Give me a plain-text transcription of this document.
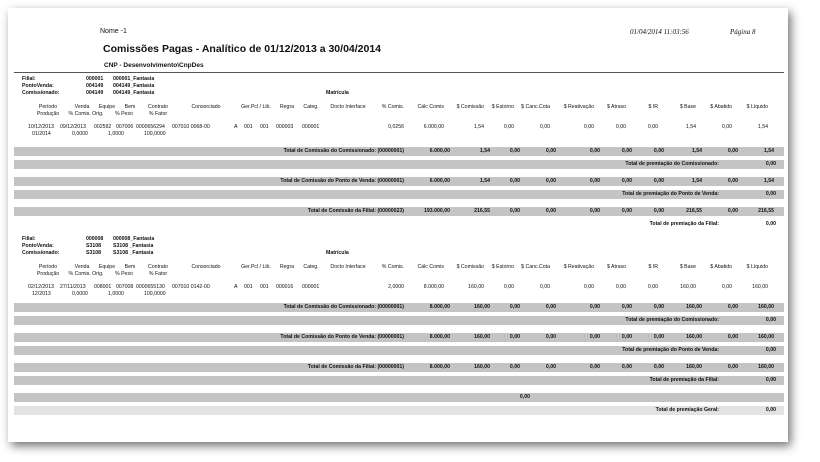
Nome -1	01/04/2014 11:03:56	Página 8
Comissões Pagas - Analítico de 01/12/2013 a 30/04/2014
CNP - Desenvolvimento\CnpDes
Filial:	000001 000001_Fantasia
PontoVenda:	004149 004149_Fantasia
Comissionado:	004149 004149_Fantasia	Matrícula
Período	Venda	Equipe	Bem	Contrato	Consorciado	Ger.Pcl / Lib.	Regra	Categ.	Docto Interface	% Comis.	Cálc Comis	$ Comissão	$ Estorno	$ Canc.Cota	$ Reativação	$ Atraso	$ IR	$ Base	$ Abatido	$ Líquido
Produção	% Comis. Orig.	% Peso	% Fator
10/12/2013	09/12/2013	002592 007006 0000656294	007010 0068-00	A	001	001	000003	000001	0,0256	6.000,00	1,54	0,00	0,00	0,00	0,00	0,00	1,54	0,00	1,54
01/2014	0,0000	1,0000	100,0000
Total de Comissão do Comissionado: (00000001)	6.000,00	1,54	0,00	0,00	0,00	0,00	0,00	1,54	0,00	1,54
Total de premiação do Comissionado:	0,00
Total de Comissão do Ponto de Venda: (00000001)	6.000,00	1,54	0,00	0,00	0,00	0,00	0,00	1,54	0,00	1,54
Total de premiação do Ponto de Venda:	0,00
Total de Comissão da Filial: (00000023)	193.000,00	216,55	0,00	0,00	0,00	0,00	0,00	216,55	0,00	216,55
Total de premiação da Filial:	0,00
Filial:	000008 000008_Fantasia
PontoVenda:	S3108 S3108 _Fantasia
Comissionado:	S3108 S3108 _Fantasia	Matrícula
Período	Venda	Equipe	Bem	Contrato	Consorciado	Ger.Pcl / Lib.	Regra	Categ.	Docto Interface	% Comis.	Cálc Comis	$ Comissão	$ Estorno	$ Canc.Cota	$ Reativação	$ Atraso	$ IR	$ Base	$ Abatido	$ Líquido
Produção	% Comis. Orig.	% Peso	% Fator
02/12/2013	27/11/2013	008001 007008 0000655130	007010 0142-00	A	001	001	000016	000001	2,0000	8.000,00	160,00	0,00	0,00	0,00	0,00	0,00	160,00	0,00	160,00
12/2013	0,0000	1,0000	100,0000
Total de Comissão do Comissionado: (00000001)	8.000,00	160,00	0,00	0,00	0,00	0,00	0,00	160,00	0,00	160,00
Total de premiação do Comissionado:	0,00
Total de Comissão do Ponto de Venda: (00000001)	8.000,00	160,00	0,00	0,00	0,00	0,00	0,00	160,00	0,00	160,00
Total de premiação do Ponto de Venda:	0,00
Total de Comissão da Filial: (00000001)	8.000,00	160,00	0,00	0,00	0,00	0,00	0,00	160,00	0,00	160,00
Total de premiação da Filial:	0,00
0,00
Total de premiação Geral:	0,00
